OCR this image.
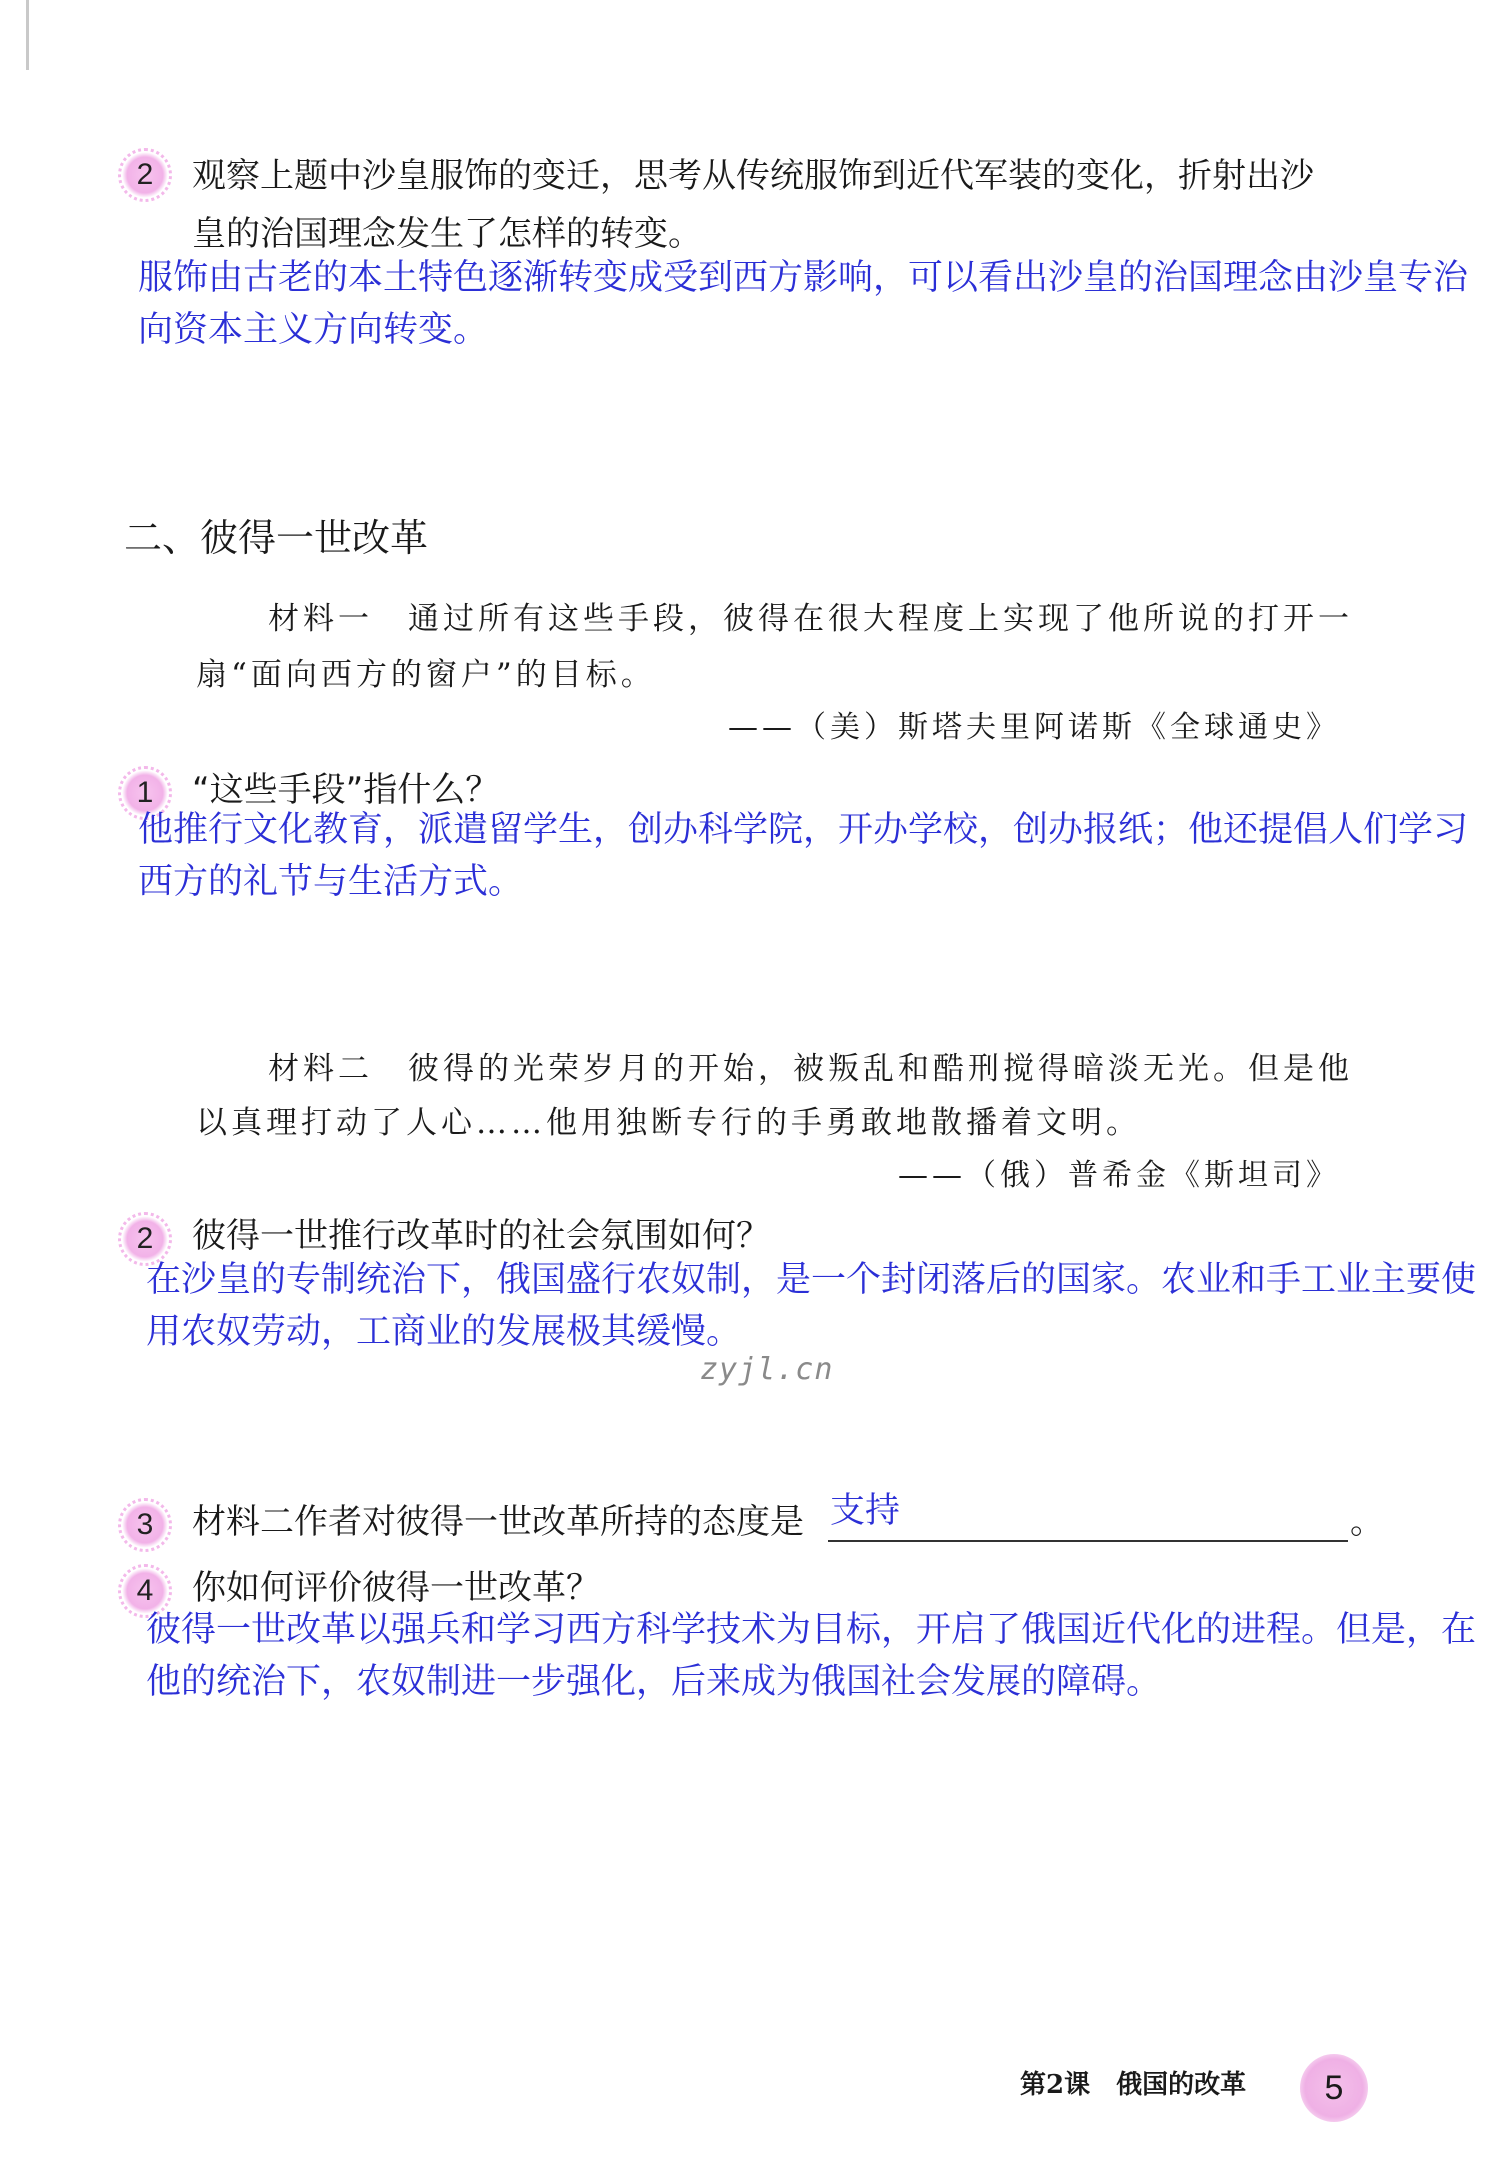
2	观察上题中沙皇服饰的变迁，思考从传统服饰到近代军装的变化，折射出沙
皇的治国理念发生了怎样的转变。
服饰由古老的本土特色逐渐转变成受到西方影响，可以看出沙皇的治国理念由沙皇专治向资本主义方向转变。
二、彼得一世改革
材料一　通过所有这些手段，彼得在很大程度上实现了他所说的打开一
扇“面向西方的窗户”的目标。
——（美）斯塔夫里阿诺斯《全球通史》
1	“这些手段”指什么？
他推行文化教育，派遣留学生，创办科学院，开办学校，创办报纸；他还提倡人们学习西方的礼节与生活方式。
材料二　彼得的光荣岁月的开始，被叛乱和酷刑搅得暗淡无光。但是他
以真理打动了人心……他用独断专行的手勇敢地散播着文明。
——（俄）普希金《斯坦司》
2	彼得一世推行改革时的社会氛围如何？
在沙皇的专制统治下，俄国盛行农奴制，是一个封闭落后的国家。农业和手工业主要使用农奴劳动，工商业的发展极其缓慢。
zyjl.cn
3	材料二作者对彼得一世改革所持的态度是 支持	。
4	你如何评价彼得一世改革？
彼得一世改革以强兵和学习西方科学技术为目标，开启了俄国近代化的进程。但是，在他的统治下，农奴制进一步强化，后来成为俄国社会发展的障碍。
第2课　俄国的改革	5
